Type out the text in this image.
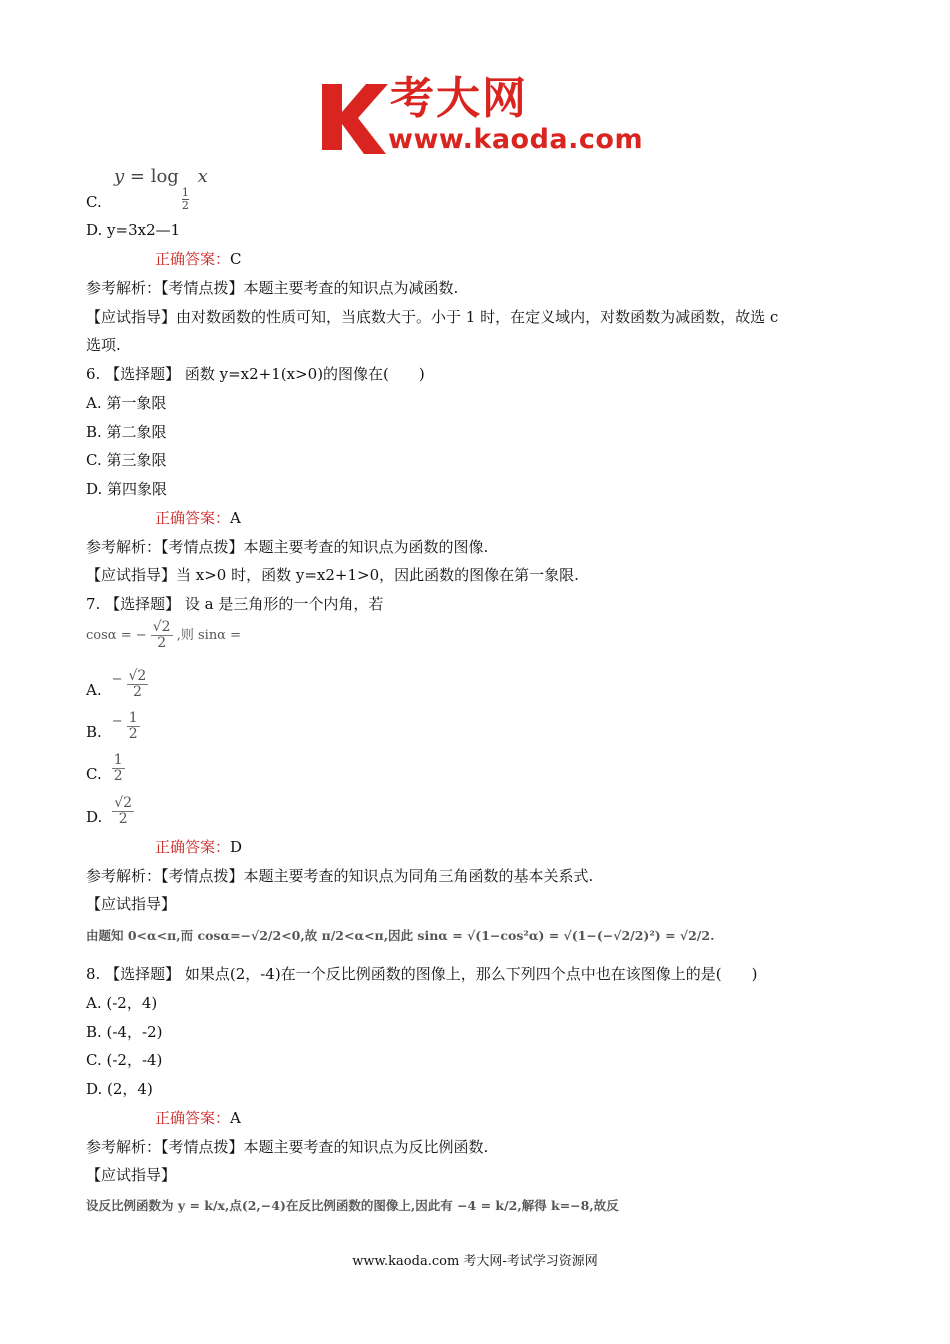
考大网
www.kaoda.com
y = log
$\frac{1}{2}$
x
C.
D. y=3x2—1
正确答案：C
参考解析：【考情点拨】本题主要考查的知识点为减函数.
【应试指导】由对数函数的性质可知，当底数大于。小于 1 时，在定义域内，对数函数为减函数，故选 c
选项.
6. 【选择题】 函数 y=x2+1(x>0)的图像在(　　)
A. 第一象限
B. 第二象限
C. 第三象限
D. 第四象限
正确答案：A
参考解析：【考情点拨】本题主要考查的知识点为函数的图像.
【应试指导】当 x>0 时，函数 y=x2+1>0，因此函数的图像在第一象限.
7. 【选择题】 设 a 是三角形的一个内角，若
cosα = − $\frac{√2}{2}$ ,则 sinα =
A.
− $\frac{√2}{2}$
B.
− $\frac{1}{2}$
C. $\frac{1}{2}$
D. $\frac{√2}{2}$
正确答案：D
参考解析：【考情点拨】本题主要考查的知识点为同角三角函数的基本关系式.
【应试指导】
由题知 0<α<π,而 cosα=−√2/2<0,故 π/2<α<π,因此 sinα = √(1−cos²α) = √(1−(−√2/2)²) = √2/2.
8. 【选择题】 如果点(2，-4)在一个反比例函数的图像上，那么下列四个点中也在该图像上的是(　　)
A. (-2，4)
B. (-4，-2)
C. (-2，-4)
D. (2，4)
正确答案：A
参考解析：【考情点拨】本题主要考查的知识点为反比例函数.
【应试指导】
设反比例函数为 y = k/x,点(2,−4)在反比例函数的图像上,因此有 −4 = k/2,解得 k=−8,故反
www.kaoda.com 考大网-考试学习资源网
